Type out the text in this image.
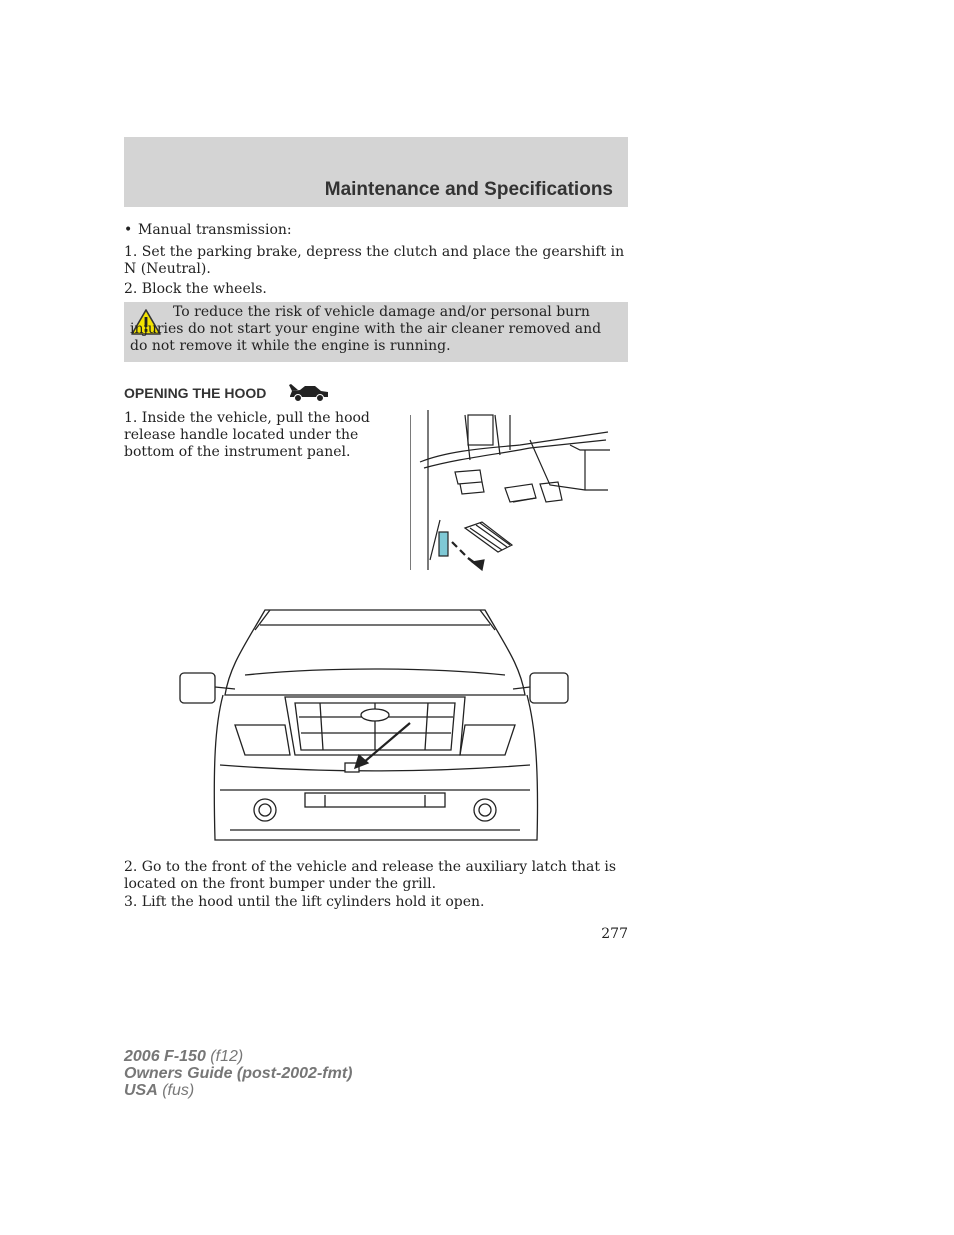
Maintenance and Specifications

• Manual transmission:

1. Set the parking brake, depress the clutch and place the gearshift in N (Neutral).

2. Block the wheels.

To reduce the risk of vehicle damage and/or personal burn injuries do not start your engine with the air cleaner removed and do not remove it while the engine is running.

OPENING THE HOOD

1. Inside the vehicle, pull the hood release handle located under the bottom of the instrument panel.

2. Go to the front of the vehicle and release the auxiliary latch that is located on the front bumper under the grill.

3. Lift the hood until the lift cylinders hold it open.

277

2006 F-150 (f12)
Owners Guide (post-2002-fmt)
USA (fus)
